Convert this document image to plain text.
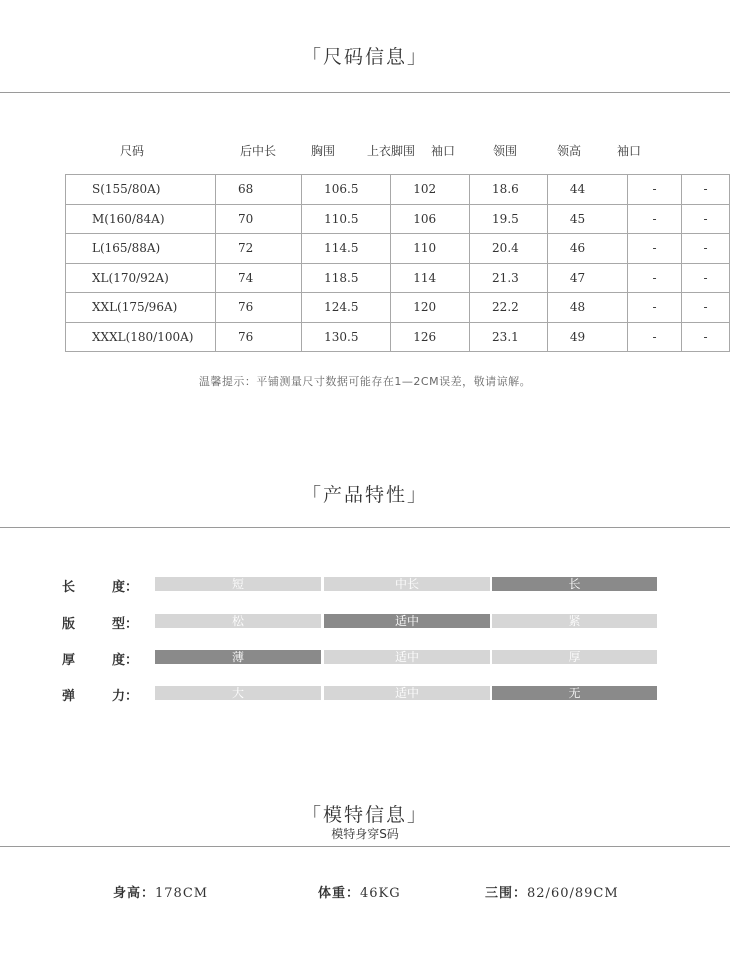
「尺码信息」
尺码	后中长	胸围	上衣脚围	袖口	领围	领高	袖口
S(155/80A)	68	106.5	102	18.6	44	-	-
M(160/84A)	70	110.5	106	19.5	45	-	-
L(165/88A)	72	114.5	110	20.4	46	-	-
XL(170/92A)	74	118.5	114	21.3	47	-	-
XXL(175/96A)	76	124.5	120	22.2	48	-	-
XXXL(180/100A)	76	130.5	126	23.1	49	-	-
温馨提示：平铺测量尺寸数据可能存在1—2CM误差，敬请谅解。
「产品特性」
长	度：	短	中长	长
版	型：	松	适中	紧
厚	度：	薄	适中	厚
弹	力：	大	适中	无
「模特信息」
模特身穿S码
身高：178CM	体重：46KG	三围：82/60/89CM
